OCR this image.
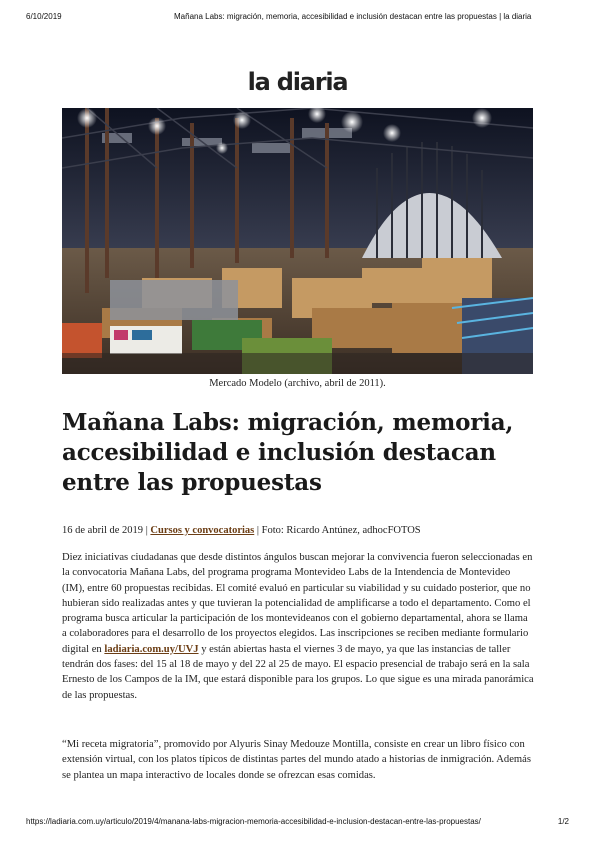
6/10/2019	Mañana Labs: migración, memoria, accesibilidad e inclusión destacan entre las propuestas | la diaria
la diaria
Mercado Modelo (archivo, abril de 2011).
Mañana Labs: migración, memoria, accesibilidad e inclusión destacan entre las propuestas
16 de abril de 2019 | Cursos y convocatorias | Foto: Ricardo Antúnez, adhocFOTOS

Diez iniciativas ciudadanas que desde distintos ángulos buscan mejorar la convivencia fueron seleccionadas en la convocatoria Mañana Labs, del programa programa Montevideo Labs de la Intendencia de Montevideo (IM), entre 60 propuestas recibidas. El comité evaluó en particular su viabilidad y su cuidado posterior, que no hubieran sido realizadas antes y que tuvieran la potencialidad de amplificarse a todo el departamento. Como el programa busca articular la participación de los montevideanos con el gobierno departamental, ahora se llama a colaboradores para el desarrollo de los proyectos elegidos. Las inscripciones se reciben mediante formulario digital en ladiaria.com.uy/UVJ y están abiertas hasta el viernes 3 de mayo, ya que las instancias de taller tendrán dos fases: del 15 al 18 de mayo y del 22 al 25 de mayo. El espacio presencial de trabajo será en la sala Ernesto de los Campos de la IM, que estará disponible para los grupos. Lo que sigue es una mirada panorámica de las propuestas.

“Mi receta migratoria”, promovido por Alyuris Sinay Medouze Montilla, consiste en crear un libro físico con extensión virtual, con los platos típicos de distintas partes del mundo atado a historias de inmigración. Además se plantea un mapa interactivo de locales donde se ofrezcan esas comidas.

https://ladiaria.com.uy/articulo/2019/4/manana-labs-migracion-memoria-accesibilidad-e-inclusion-destacan-entre-las-propuestas/	1/2
